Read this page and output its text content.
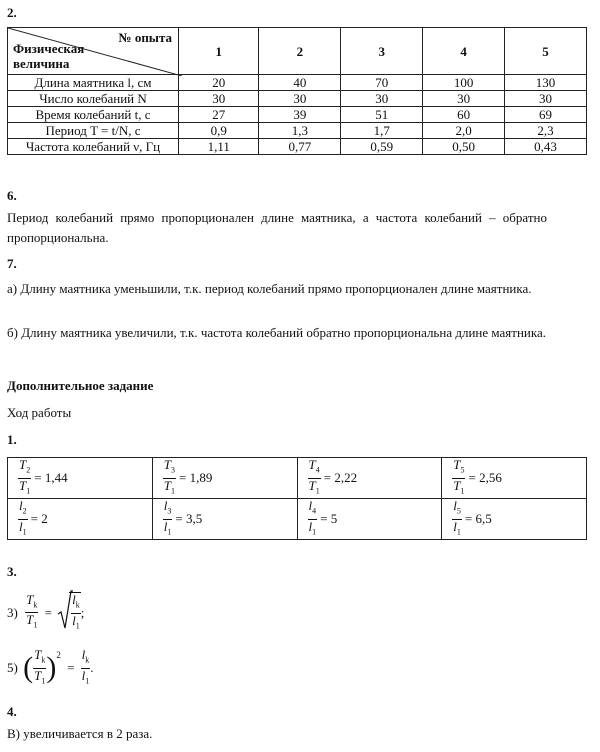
2.
№ опыта
Физическая величина	1	2	3	4	5
Длина маятника l, см	20	40	70	100	130
Число колебаний N	30	30	30	30	30
Время колебаний t, с	27	39	51	60	69
Период T = t/N, с	0,9	1,3	1,7	2,0	2,3
Частота колебаний ν, Гц	1,11	0,77	0,59	0,50	0,43
6.

Период колебаний прямо пропорционален длине маятника, а частота колебаний – обратно пропорциональна.

7.

а) Длину маятника уменьшили, т.к. период колебаний прямо пропорционален длине маятника.

б) Длину маятника увеличили, т.к. частота колебаний обратно пропорциональна длине маятника.

Дополнительное задание
Ход работы
1.
$\frac{T_2}{T_1} = 1,44$	$\frac{T_3}{T_1} = 1,89$	$\frac{T_4}{T_1} = 2,22$	$\frac{T_5}{T_1} = 2,56$

$\frac{l_2}{l_1} = 2$	$\frac{l_3}{l_1} = 3,5$	$\frac{l_4}{l_1} = 5$	$\frac{l_5}{l_1} = 6,5$
3.
$3) \frac{T_k}{T_1} = \frac{l_k}{l_1}$ ;
5) ( $\frac{T_k}{T_1} )^2 = \frac{l_k}{l_1}$ .
4.
В) увеличивается в 2 раза.
